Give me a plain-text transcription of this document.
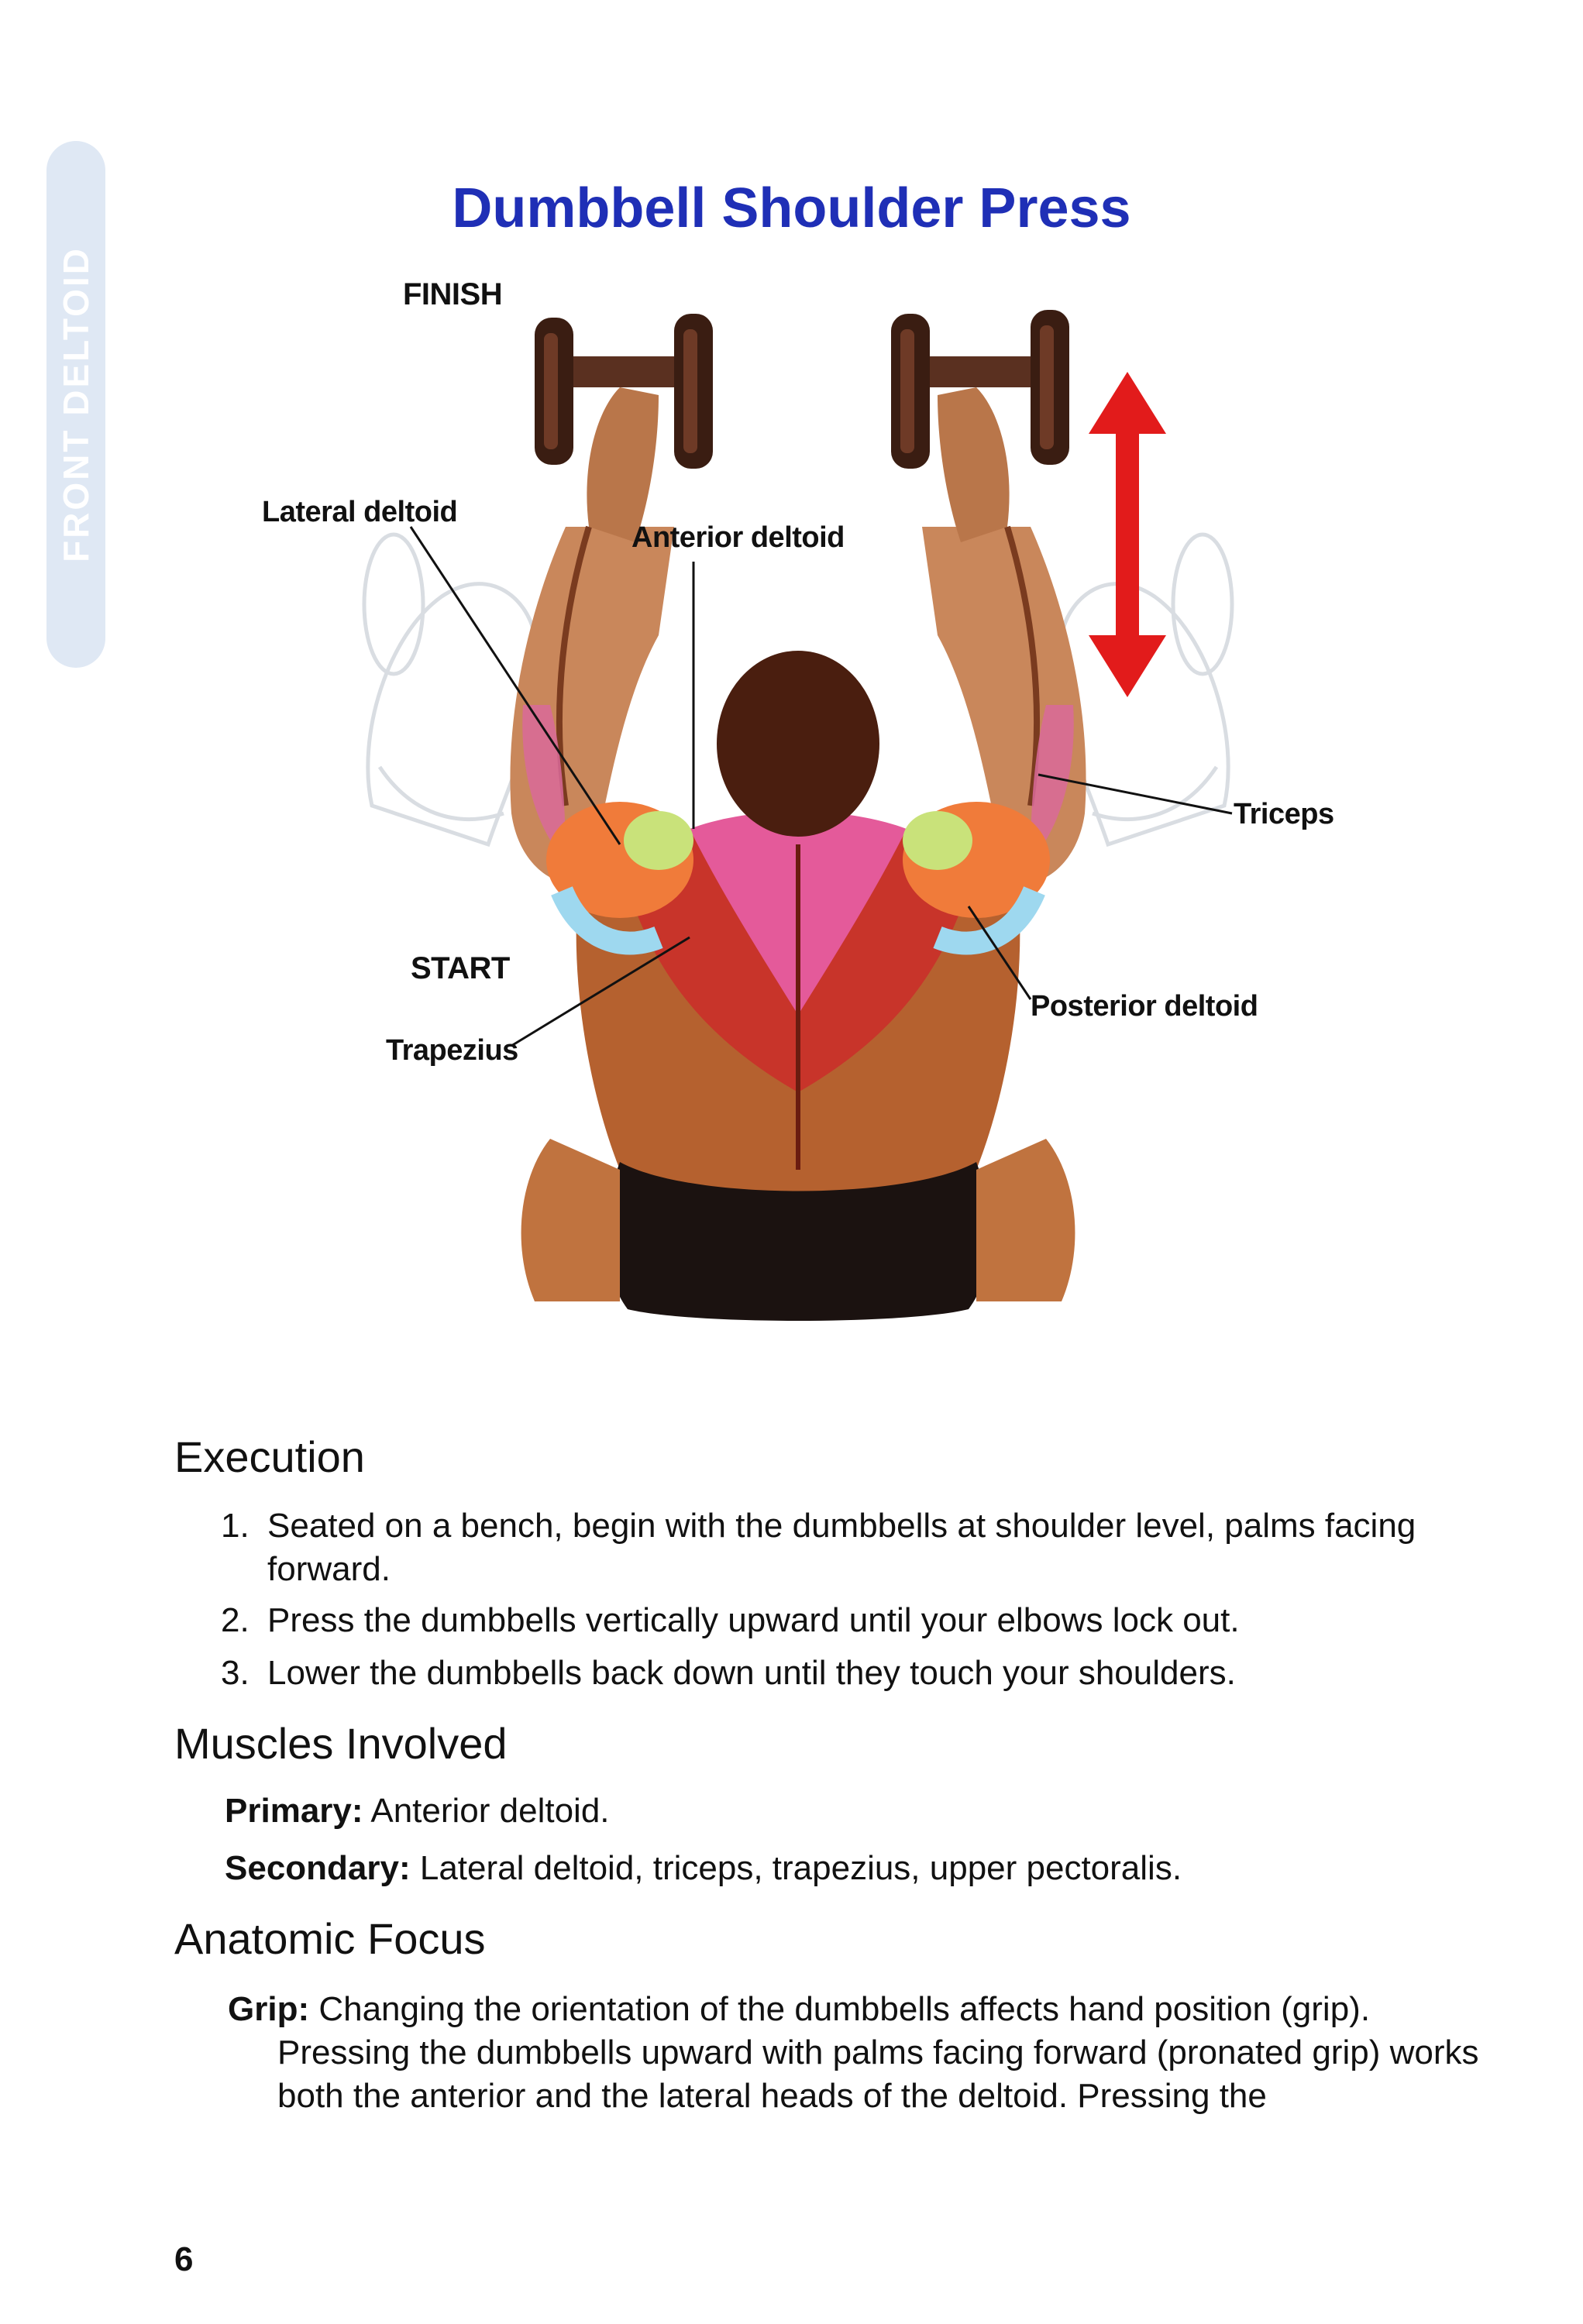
FRONT DELTOID
Dumbbell Shoulder Press
FINISH
START
Lateral deltoid
Anterior deltoid
Triceps
Posterior deltoid
Trapezius
Execution
1. Seated on a bench, begin with the dumbbells at shoulder level, palms facing forward.
2. Press the dumbbells vertically upward until your elbows lock out.
3. Lower the dumbbells back down until they touch your shoulders.
Muscles Involved
Primary: Anterior deltoid.
Secondary: Lateral deltoid, triceps, trapezius, upper pectoralis.
Anatomic Focus
Grip: Changing the orientation of the dumbbells affects hand position (grip). Pressing the dumbbells upward with palms facing forward (pronated grip) works both the anterior and the lateral heads of the deltoid. Pressing the
6
